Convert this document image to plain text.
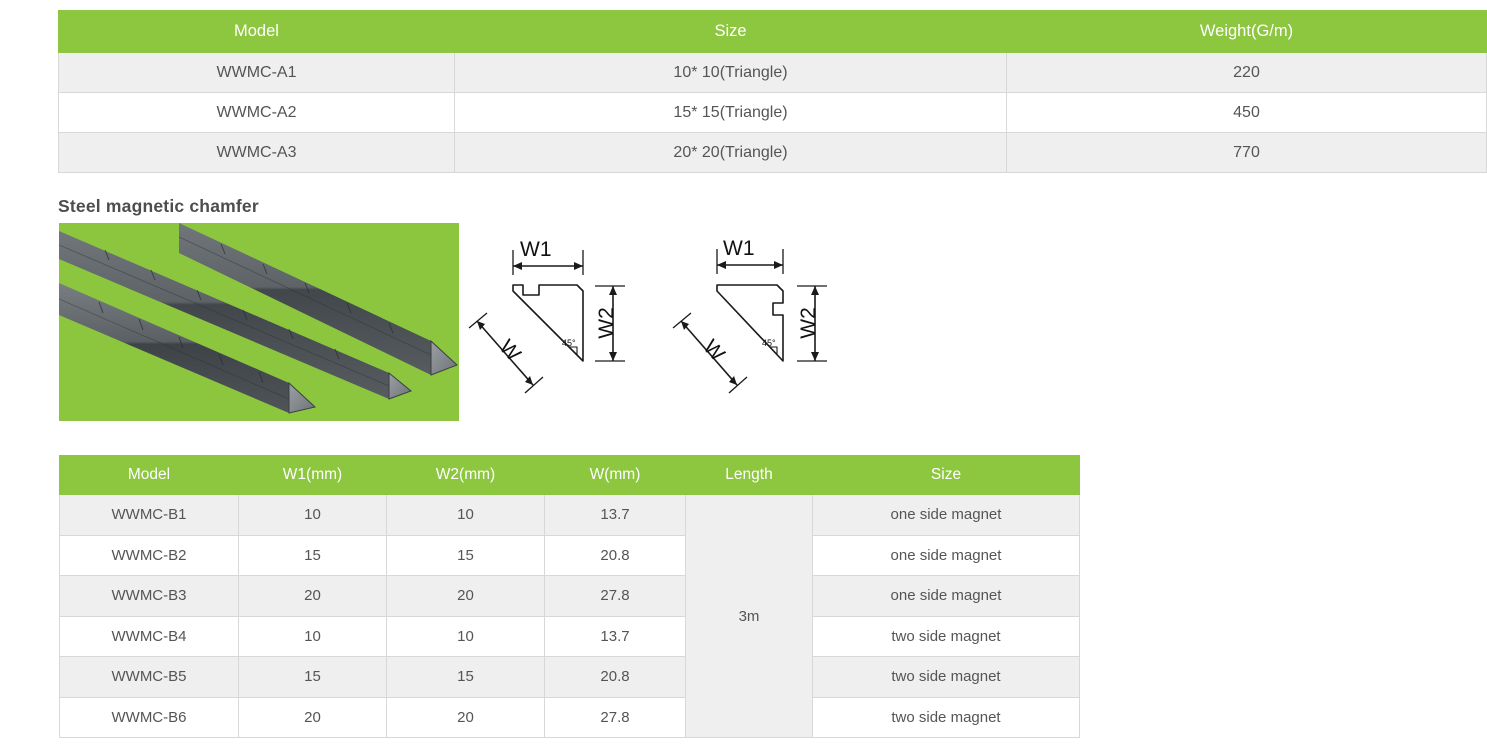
Model	Size	Weight(G/m)
WWMC-A1	10* 10(Triangle)	220
WWMC-A2	15* 15(Triangle)	450
WWMC-A3	20* 20(Triangle)	770
Steel magnetic chamfer
W1
W2
W	45°
W1
W2
W	45°
Model	W1(mm)	W2(mm)	W(mm)	Length	Size
WWMC-B1	10	10	13.7	3m	one side magnet
WWMC-B2	15	15	20.8		one side magnet
WWMC-B3	20	20	27.8		one side magnet
WWMC-B4	10	10	13.7		two side magnet
WWMC-B5	15	15	20.8		two side magnet
WWMC-B6	20	20	27.8		two side magnet
